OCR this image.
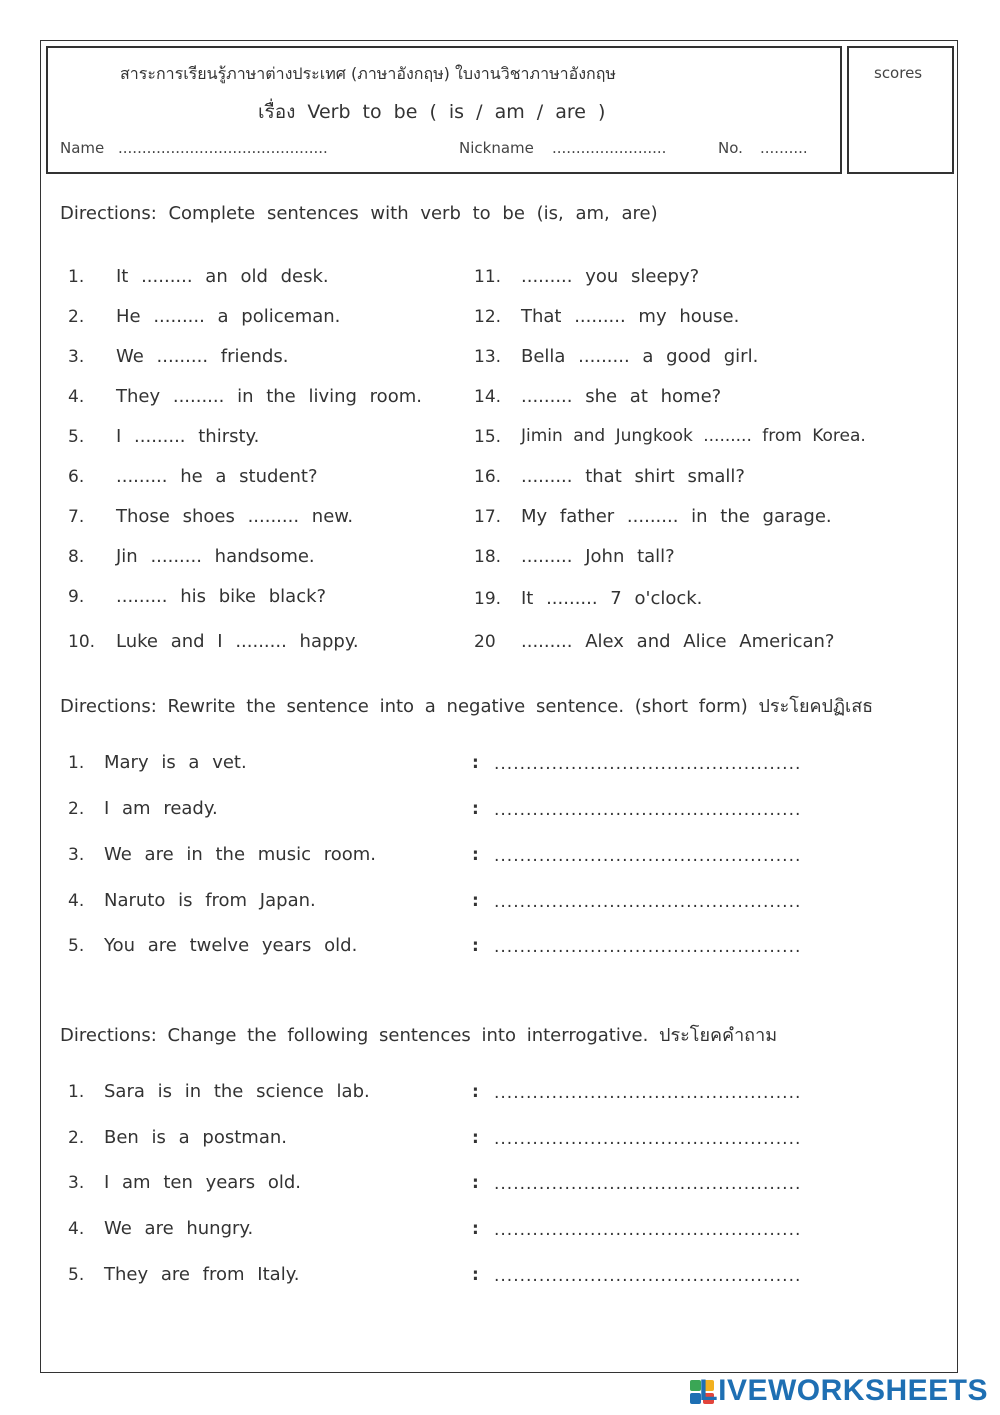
สาระการเรียนรู้ภาษาต่างประเทศ (ภาษาอังกฤษ) ใบงานวิชาภาษาอังกฤษ
เรื่อง Verb to be ( is / am / are )
Name ............................................	Nickname ........................	No. ..........
scores
Directions: Complete sentences with verb to be (is, am, are)
1. It ......... an old desk.
2. He ......... a policeman.
3. We ......... friends.
4. They ......... in the living room.
5. I ......... thirsty.
6. ......... he a student?
7. Those shoes ......... new.
8. Jin ......... handsome.
9. ......... his bike black?
10. Luke and I ......... happy.
11. ......... you sleepy?
12. That ......... my house.
13. Bella ......... a good girl.
14. ......... she at home?
15. Jimin and Jungkook ......... from Korea.
16. ......... that shirt small?
17. My father ......... in the garage.
18. ......... John tall?
19. It ......... 7 o'clock.
20 ......... Alex and Alice American?
Directions: Rewrite the sentence into a negative sentence. (short form) ประโยคปฏิเสธ
1. Mary is a vet.	: ................................................
2. I am ready.	: ................................................
3. We are in the music room.	: ................................................
4. Naruto is from Japan.	: ................................................
5. You are twelve years old.	: ................................................
Directions: Change the following sentences into interrogative. ประโยคคำถาม
1. Sara is in the science lab.	: ................................................
2. Ben is a postman.	: ................................................
3. I am ten years old.	: ................................................
4. We are hungry.	: ................................................
5. They are from Italy.	: ................................................
LIVEWORKSHEETS
